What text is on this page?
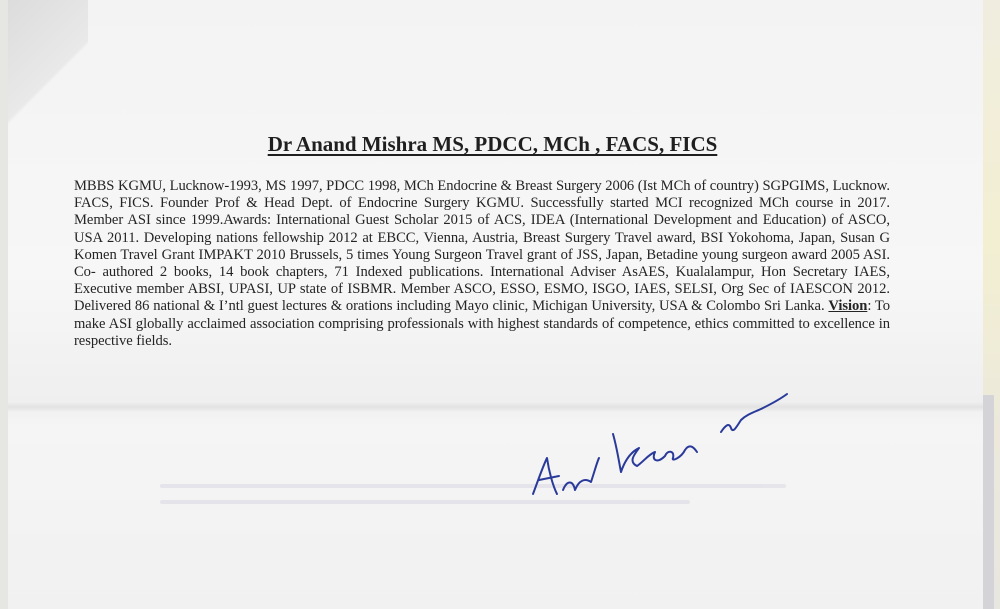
Dr Anand Mishra MS, PDCC, MCh , FACS, FICS

MBBS KGMU, Lucknow-1993, MS 1997, PDCC 1998, MCh Endocrine & Breast Surgery 2006 (Ist MCh of country) SGPGIMS, Lucknow. FACS, FICS. Founder Prof & Head Dept. of Endocrine Surgery KGMU. Successfully started MCI recognized MCh course in 2017. Member ASI since 1999.Awards: International Guest Scholar 2015 of ACS, IDEA (International Development and Education) of ASCO, USA 2011. Developing nations fellowship 2012 at EBCC, Vienna, Austria, Breast Surgery Travel award, BSI Yokohoma, Japan, Susan G Komen Travel Grant IMPAKT 2010 Brussels, 5 times Young Surgeon Travel grant of JSS, Japan, Betadine young surgeon award 2005 ASI. Co- authored 2 books, 14 book chapters, 71 Indexed publications. International Adviser AsAES, Kualalampur, Hon Secretary IAES, Executive member ABSI, UPASI, UP state of ISBMR. Member ASCO, ESSO, ESMO, ISGO, IAES, SELSI, Org Sec of IAESCON 2012. Delivered 86 national & I’ntl guest lectures & orations including Mayo clinic, Michigan University, USA & Colombo Sri Lanka. Vision: To make ASI globally acclaimed association comprising professionals with highest standards of competence, ethics committed to excellence in respective fields.
